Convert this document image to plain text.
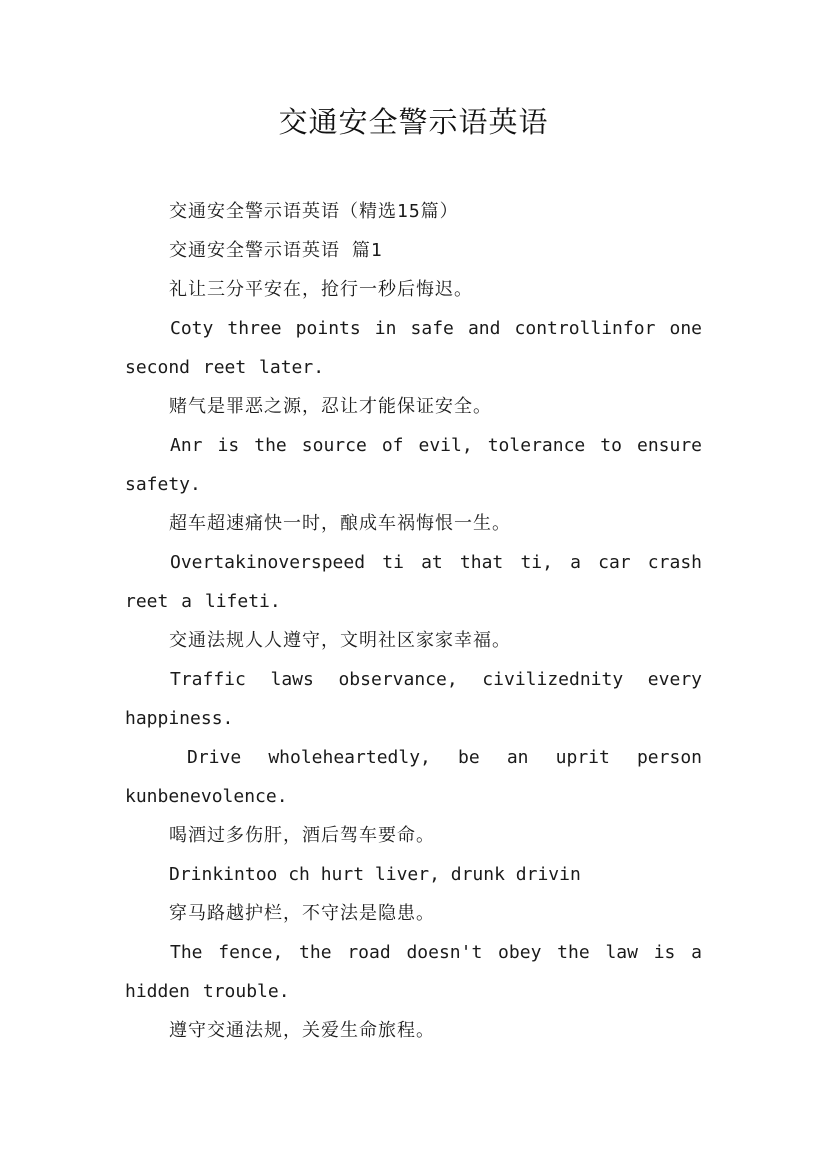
交通安全警示语英语

交通安全警示语英语（精选15篇）

交通安全警示语英语 篇1

礼让三分平安在，抢行一秒后悔迟。

Coty three points in safe and controllinfor one second reet later.

赌气是罪恶之源，忍让才能保证安全。

Anr is the source of evil, tolerance to ensure safety.

超车超速痛快一时，酿成车祸悔恨一生。

Overtakinoverspeed ti at that ti, a car crash reet a lifeti.

交通法规人人遵守，文明社区家家幸福。

Traffic laws observance, civilizednity every happiness.

Drive wholeheartedly, be an uprit person kunbenevolence.

喝酒过多伤肝，酒后驾车要命。

Drinkintoo ch hurt liver, drunk drivin

穿马路越护栏，不守法是隐患。

The fence, the road doesn't obey the law is a hidden trouble.

遵守交通法规，关爱生命旅程。
